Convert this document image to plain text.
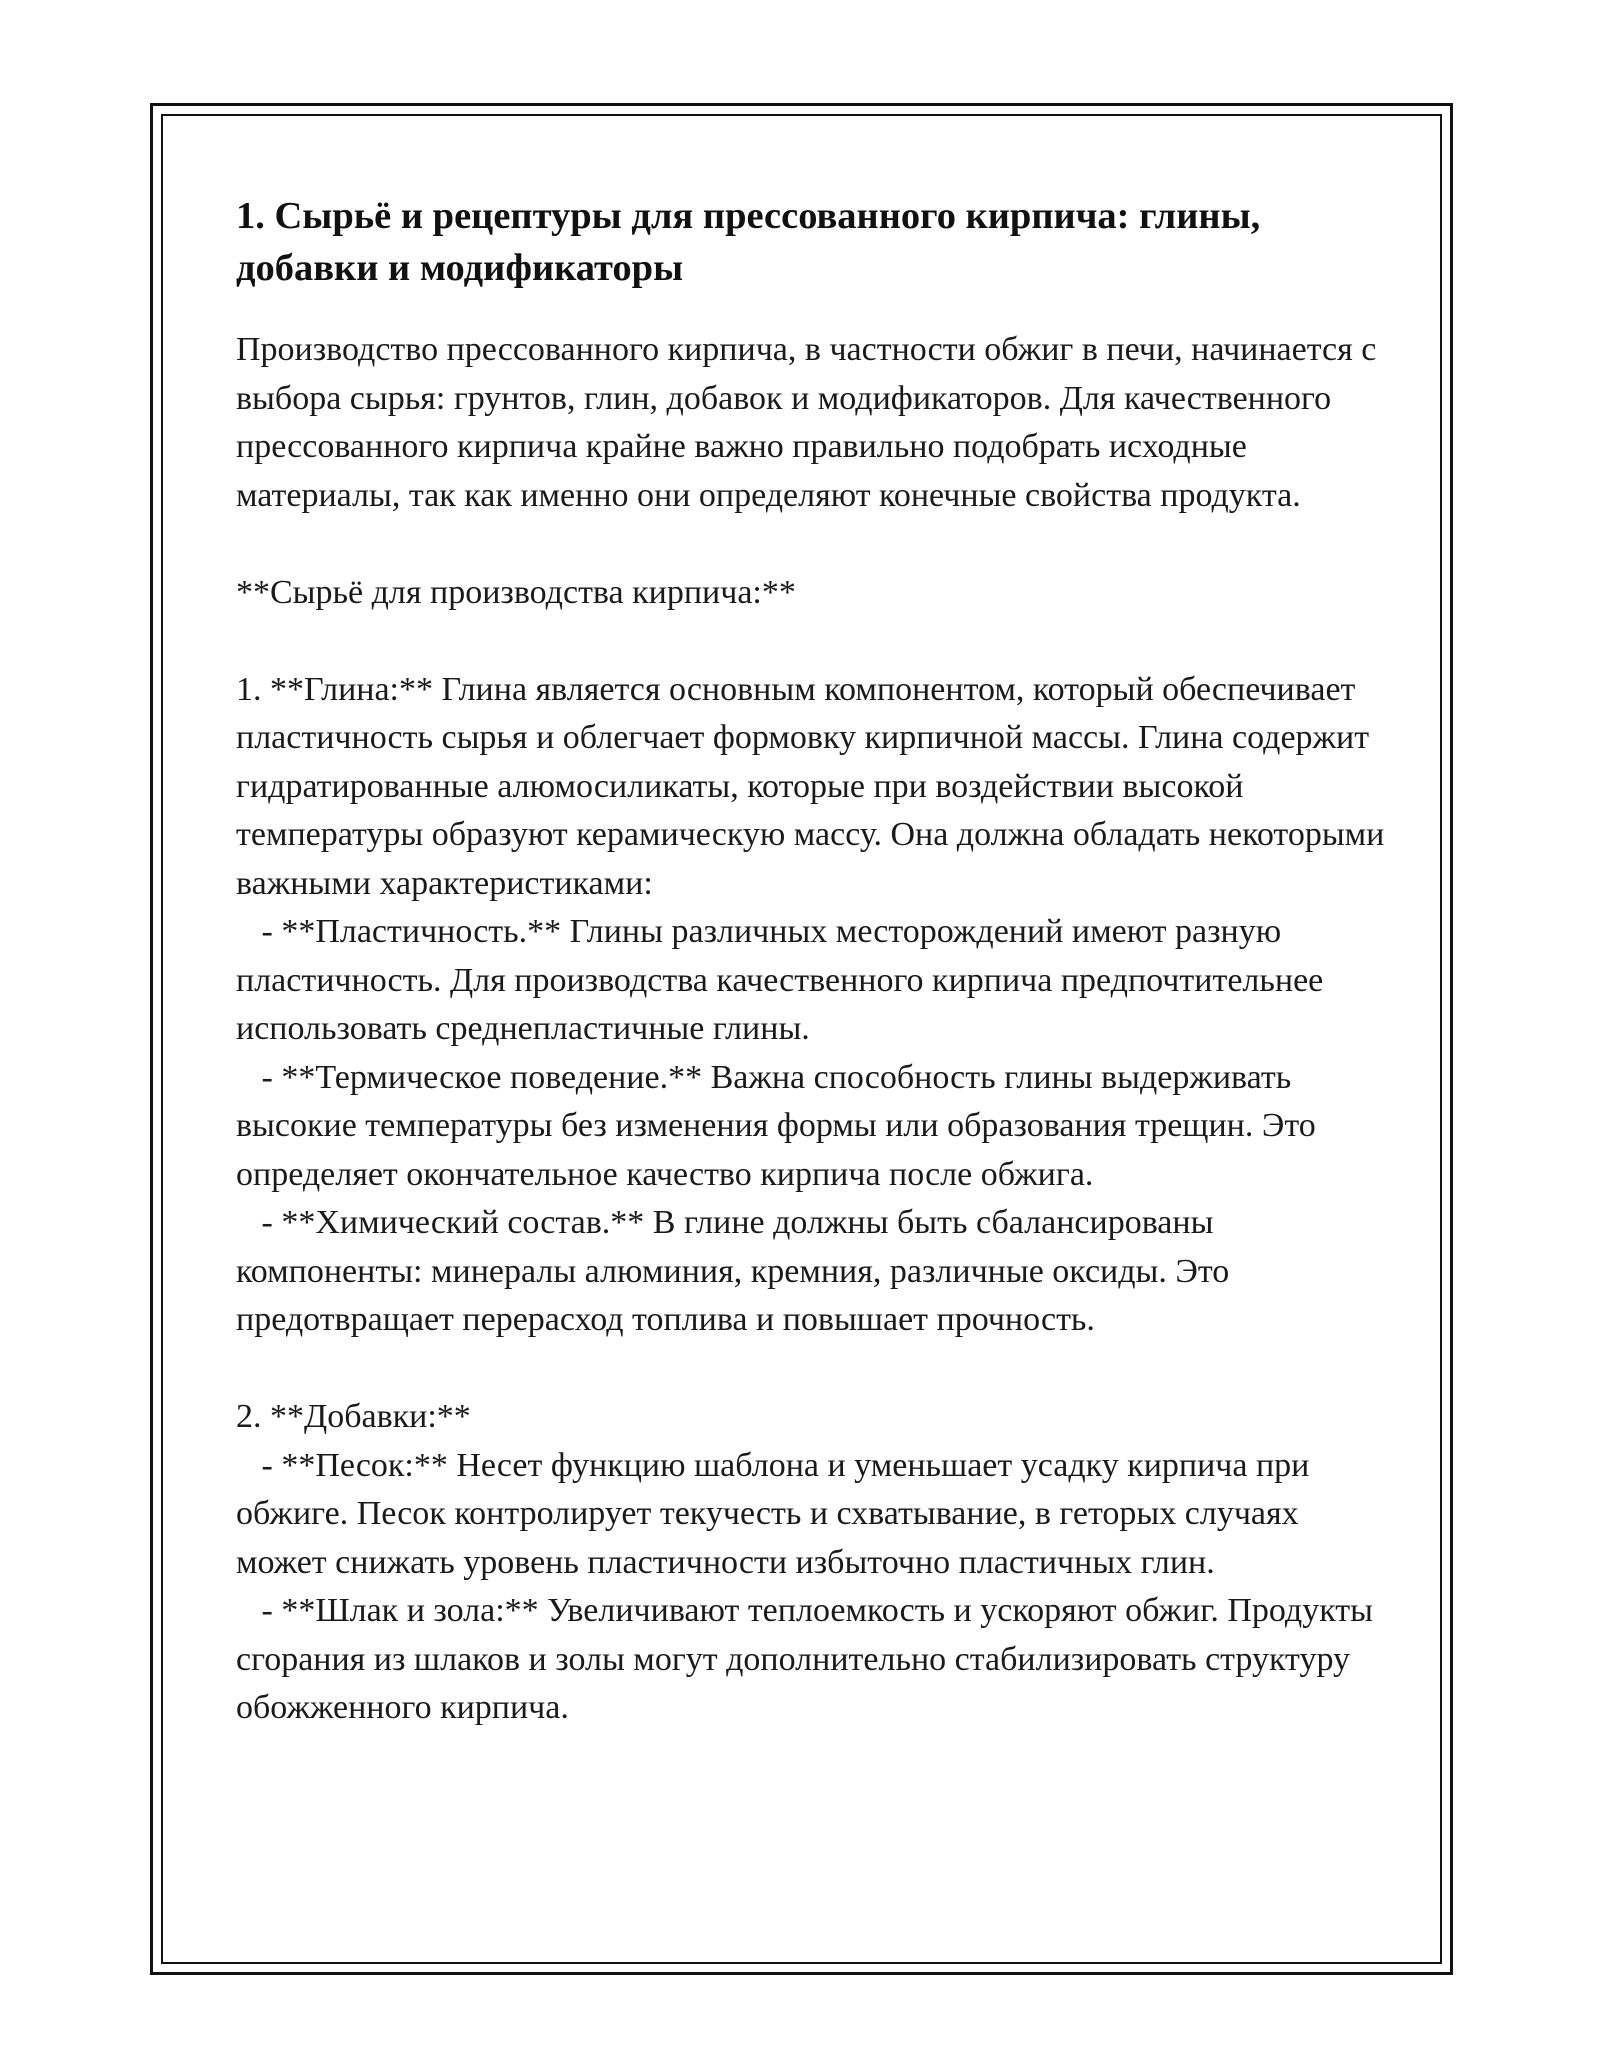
1. Сырьё и рецептуры для прессованного кирпича: глины, добавки и модификаторы

Производство прессованного кирпича, в частности обжиг в печи, начинается с выбора сырья: грунтов, глин, добавок и модификаторов. Для качественного прессованного кирпича крайне важно правильно подобрать исходные материалы, так как именно они определяют конечные свойства продукта.

**Сырьё для производства кирпича:**

1. **Глина:** Глина является основным компонентом, который обеспечивает пластичность сырья и облегчает формовку кирпичной массы. Глина содержит гидратированные алюмосиликаты, которые при воздействии высокой температуры образуют керамическую массу. Она должна обладать некоторыми важными характеристиками:

- **Пластичность.** Глины различных месторождений имеют разную пластичность. Для производства качественного кирпича предпочтительнее использовать среднепластичные глины.

- **Термическое поведение.** Важна способность глины выдерживать высокие температуры без изменения формы или образования трещин. Это определяет окончательное качество кирпича после обжига.

- **Химический состав.** В глине должны быть сбалансированы компоненты: минералы алюминия, кремния, различные оксиды. Это предотвращает перерасход топлива и повышает прочность.

2. **Добавки:**

- **Песок:** Несет функцию шаблона и уменьшает усадку кирпича при обжиге. Песок контролирует текучесть и схватывание, в геторых случаях может снижать уровень пластичности избыточно пластичных глин.

- **Шлак и зола:** Увеличивают теплоемкость и ускоряют обжиг. Продукты сгорания из шлаков и золы могут дополнительно стабилизировать структуру обожженного кирпича.
